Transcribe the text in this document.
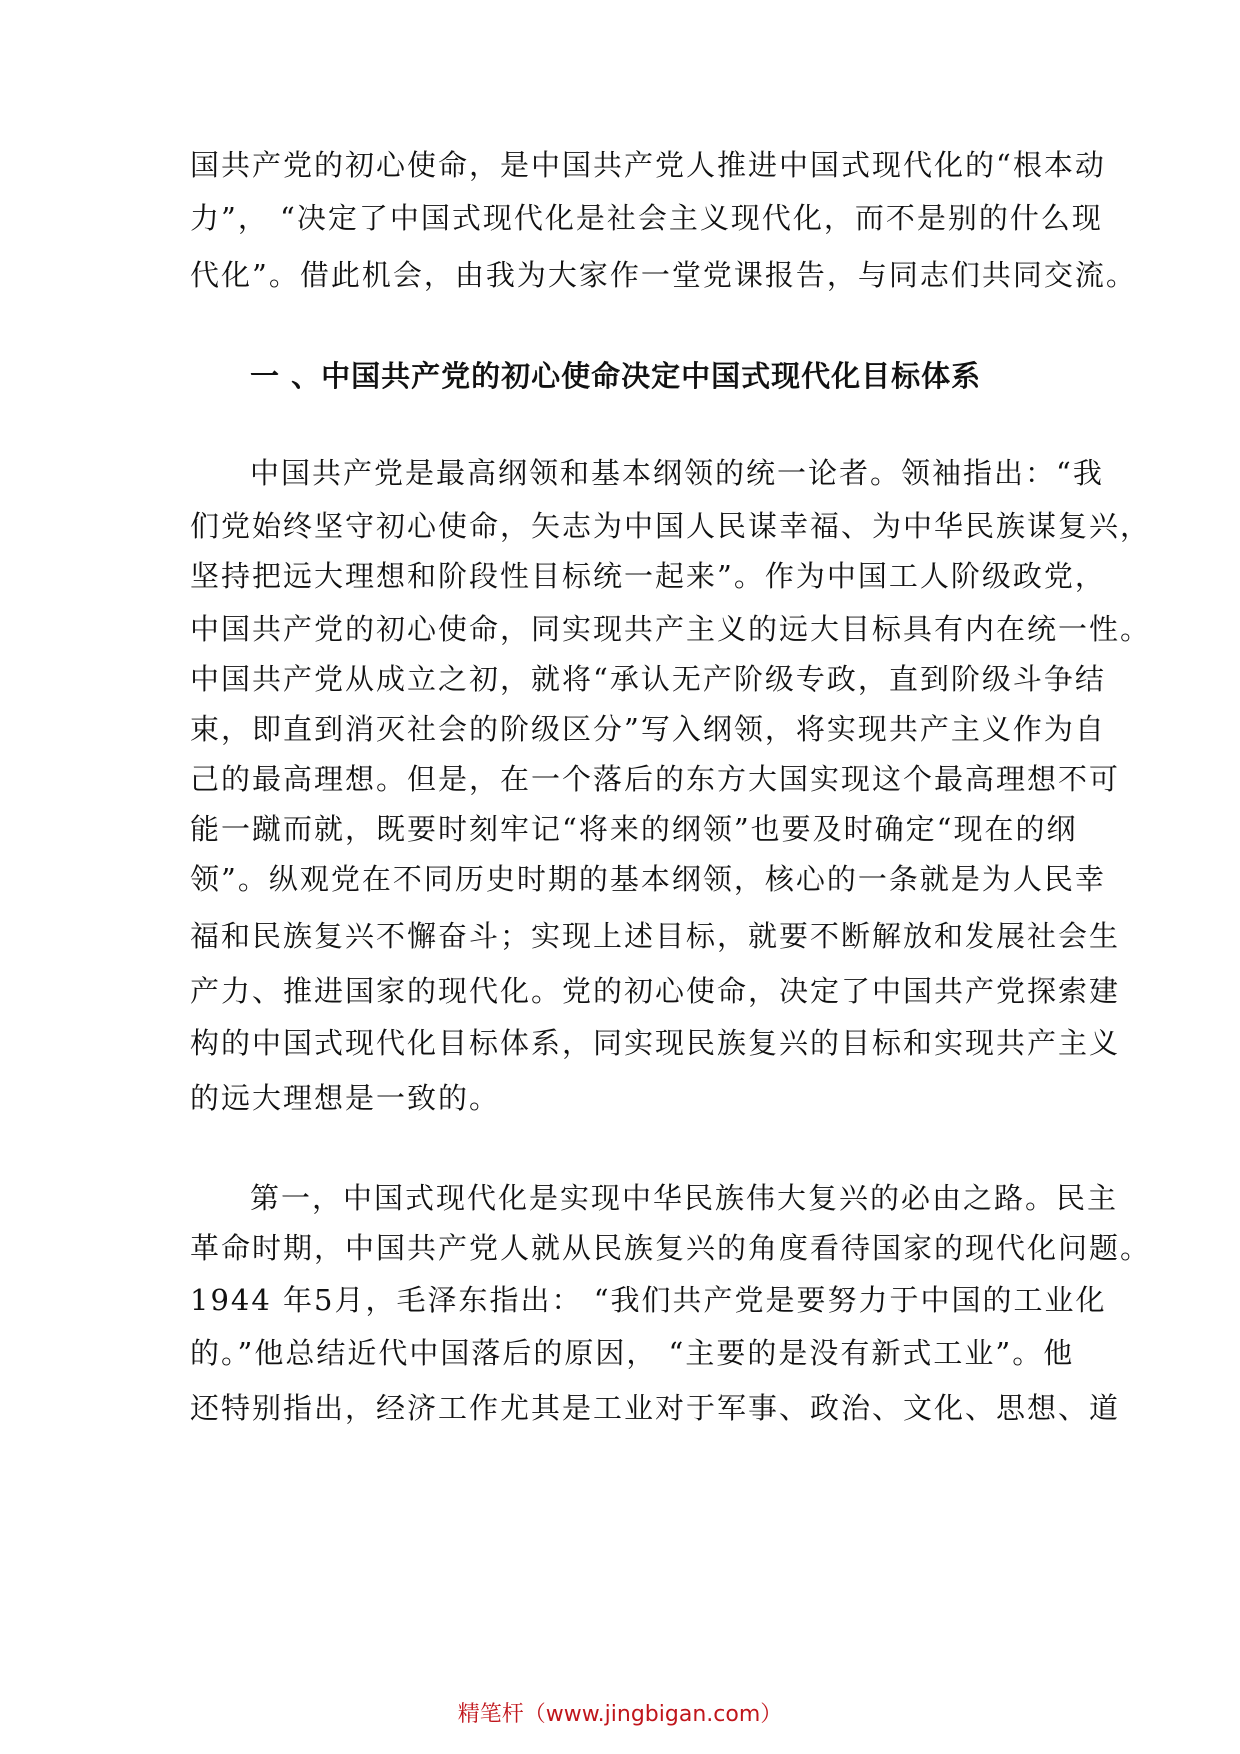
国共产党的初心使命，是中国共产党人推进中国式现代化的“根本动

力”， “决定了中国式现代化是社会主义现代化，而不是别的什么现

代化”。借此机会，由我为大家作一堂党课报告，与同志们共同交流。

一 、中国共产党的初心使命决定中国式现代化目标体系

中国共产党是最高纲领和基本纲领的统一论者。领袖指出：“我

们党始终坚守初心使命，矢志为中国人民谋幸福、为中华民族谋复兴，

坚持把远大理想和阶段性目标统一起来”。作为中国工人阶级政党，

中国共产党的初心使命，同实现共产主义的远大目标具有内在统一性。

中国共产党从成立之初，就将“承认无产阶级专政，直到阶级斗争结

束，即直到消灭社会的阶级区分”写入纲领，将实现共产主义作为自

己的最高理想。但是，在一个落后的东方大国实现这个最高理想不可

能一蹴而就，既要时刻牢记“将来的纲领”也要及时确定“现在的纲

领”。纵观党在不同历史时期的基本纲领，核心的一条就是为人民幸

福和民族复兴不懈奋斗；实现上述目标，就要不断解放和发展社会生

产力、推进国家的现代化。党的初心使命，决定了中国共产党探索建

构的中国式现代化目标体系，同实现民族复兴的目标和实现共产主义

的远大理想是一致的。

第一，中国式现代化是实现中华民族伟大复兴的必由之路。民主

革命时期，中国共产党人就从民族复兴的角度看待国家的现代化问题。

1944 年5月，毛泽东指出： “我们共产党是要努力于中国的工业化

的。”他总结近代中国落后的原因， “主要的是没有新式工业”。他

还特别指出，经济工作尤其是工业对于军事、政治、文化、思想、道

精笔杆（www.jingbigan.com）
